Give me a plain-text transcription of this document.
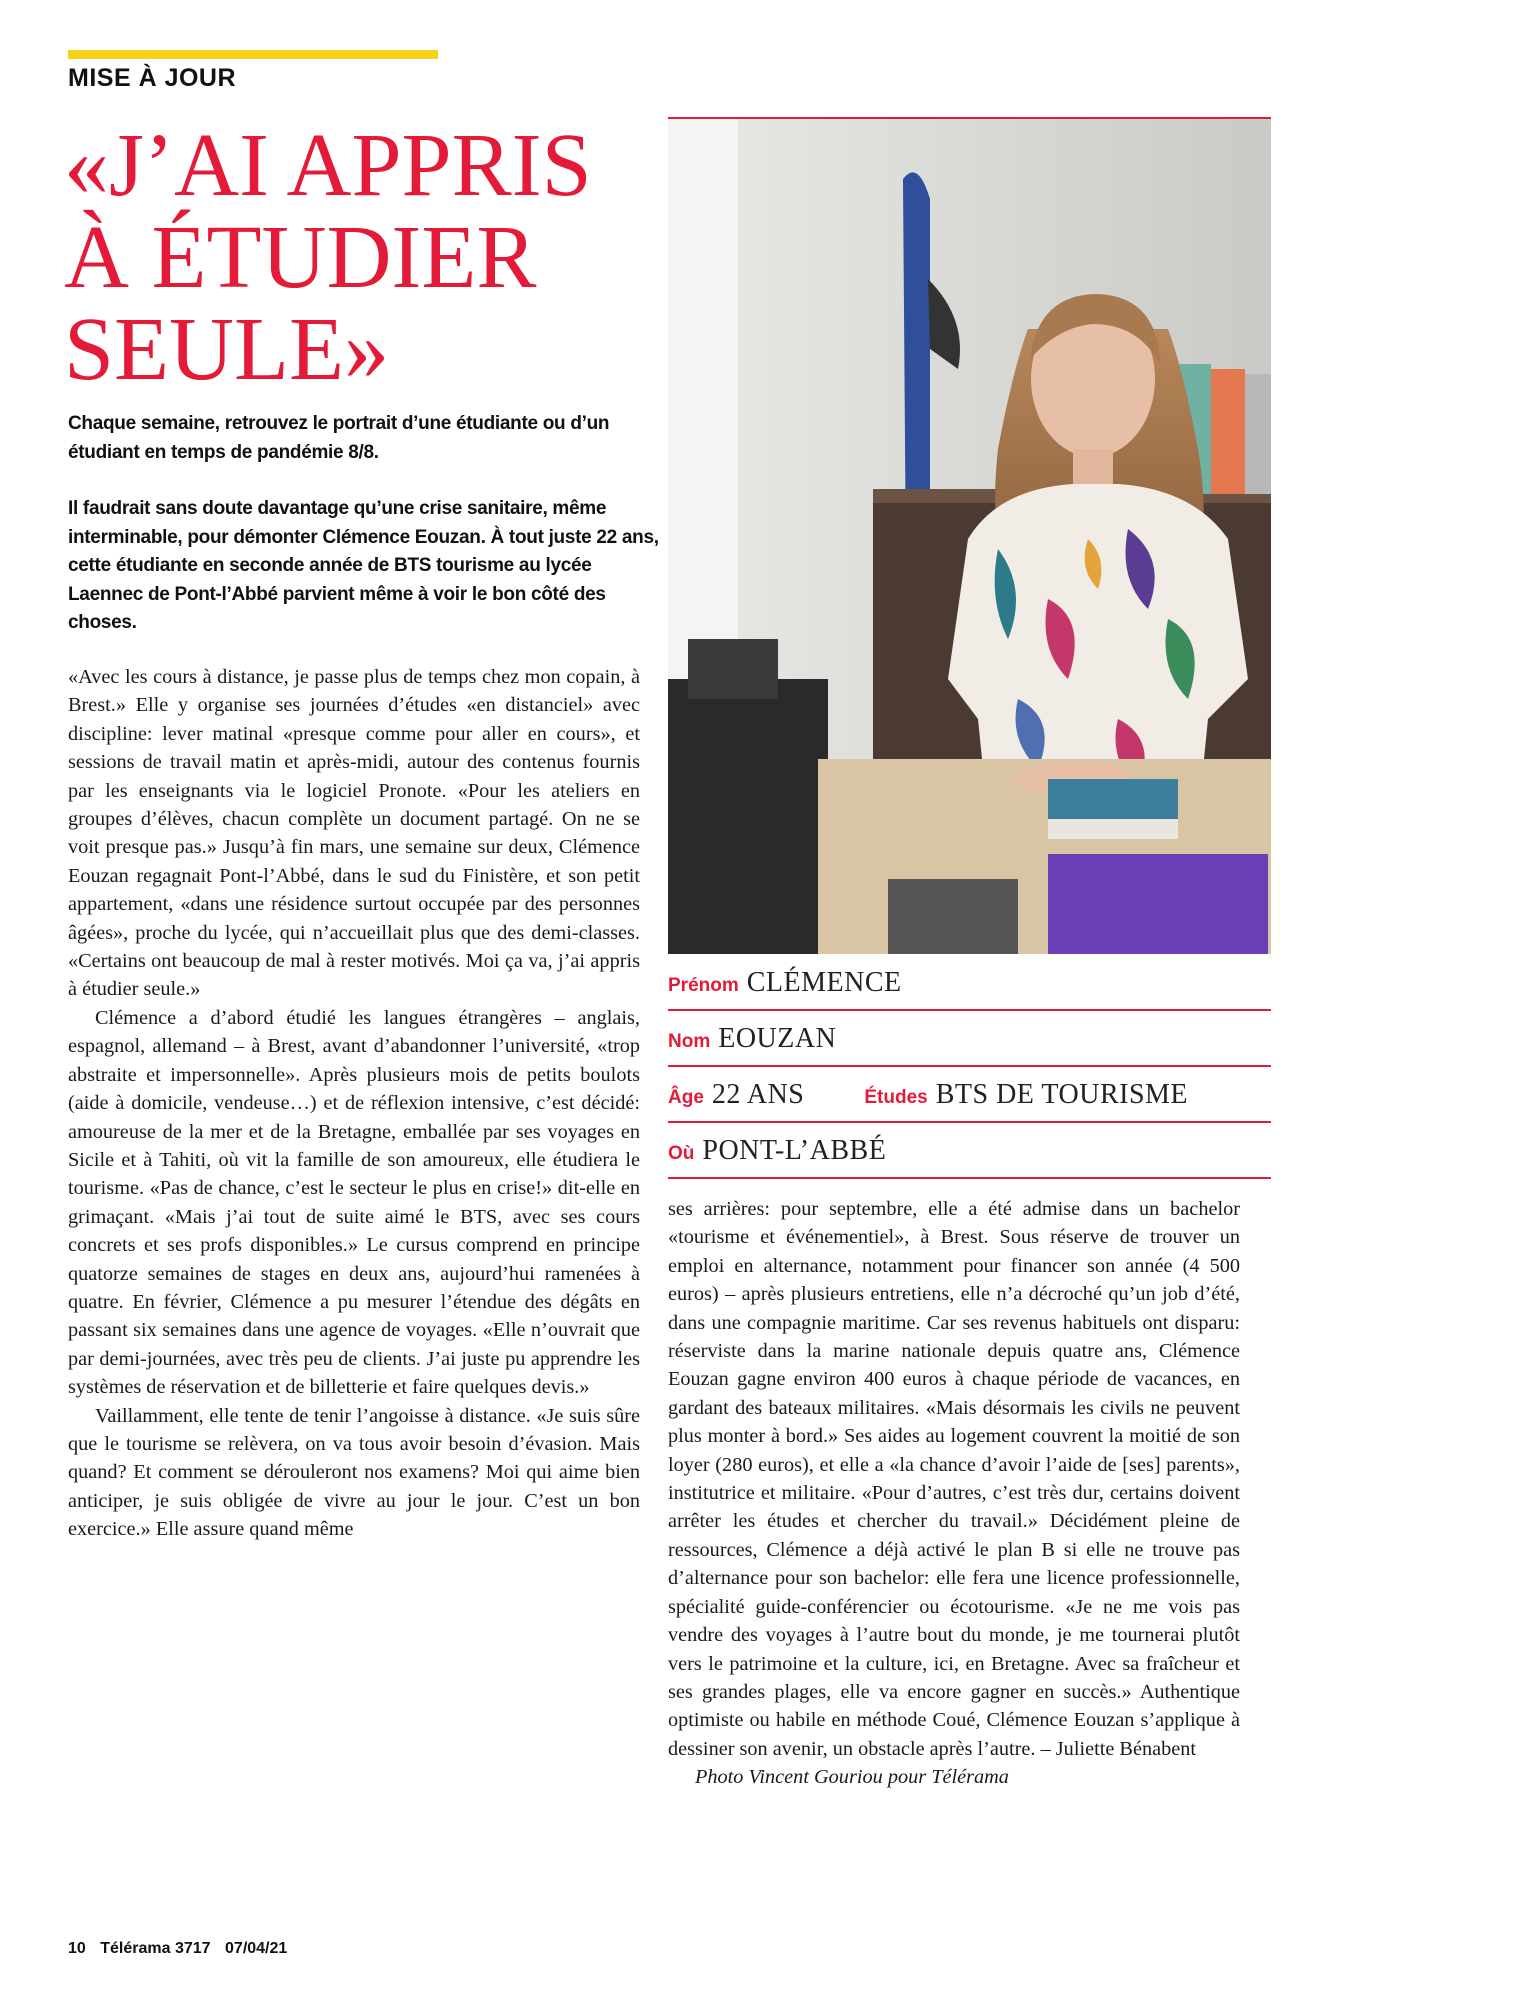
MISE À JOUR
«J’AI APPRIS
À ÉTUDIER
SEULE»

Chaque semaine, retrouvez le portrait d’une étudiante ou d’un étudiant en temps de pandémie 8/8.

Il faudrait sans doute davantage qu’une crise sanitaire, même interminable, pour démonter Clémence Eouzan. À tout juste 22 ans, cette étudiante en seconde année de BTS tourisme au lycée Laennec de Pont-l’Abbé parvient même à voir le bon côté des choses.

«Avec les cours à distance, je passe plus de temps chez mon copain, à Brest.» Elle y organise ses journées d’études «en distanciel» avec discipline: lever matinal «presque comme pour aller en cours», et sessions de travail matin et après-midi, autour des contenus fournis par les enseignants via le logiciel Pronote. «Pour les ateliers en groupes d’élèves, chacun complète un document partagé. On ne se voit presque pas.» Jusqu’à fin mars, une semaine sur deux, Clémence Eouzan regagnait Pont-l’Abbé, dans le sud du Finistère, et son petit appartement, «dans une résidence surtout occupée par des personnes âgées», proche du lycée, qui n’accueillait plus que des demi-classes. «Certains ont beaucoup de mal à rester motivés. Moi ça va, j’ai appris à étudier seule.»

Clémence a d’abord étudié les langues étrangères – anglais, espagnol, allemand – à Brest, avant d’abandonner l’université, «trop abstraite et impersonnelle». Après plusieurs mois de petits boulots (aide à domicile, vendeuse…) et de réflexion intensive, c’est décidé: amoureuse de la mer et de la Bretagne, emballée par ses voyages en Sicile et à Tahiti, où vit la famille de son amoureux, elle étudiera le tourisme. «Pas de chance, c’est le secteur le plus en crise!» dit-elle en grimaçant. «Mais j’ai tout de suite aimé le BTS, avec ses cours concrets et ses profs disponibles.» Le cursus comprend en principe quatorze semaines de stages en deux ans, aujourd’hui ramenées à quatre. En février, Clémence a pu mesurer l’étendue des dégâts en passant six semaines dans une agence de voyages. «Elle n’ouvrait que par demi-journées, avec très peu de clients. J’ai juste pu apprendre les systèmes de réservation et de billetterie et faire quelques devis.»

Vaillamment, elle tente de tenir l’angoisse à distance. «Je suis sûre que le tourisme se relèvera, on va tous avoir besoin d’évasion. Mais quand? Et comment se dérouleront nos examens? Moi qui aime bien anticiper, je suis obligée de vivre au jour le jour. C’est un bon exercice.» Elle assure quand même

Prénom CLÉMENCE
Nom EOUZAN
Âge 22 ANS	Études BTS DE TOURISME
Où PONT-L’ABBÉ

ses arrières: pour septembre, elle a été admise dans un bachelor «tourisme et événementiel», à Brest. Sous réserve de trouver un emploi en alternance, notamment pour financer son année (4 500 euros) – après plusieurs entretiens, elle n’a décroché qu’un job d’été, dans une compagnie maritime. Car ses revenus habituels ont disparu: réserviste dans la marine nationale depuis quatre ans, Clémence Eouzan gagne environ 400 euros à chaque période de vacances, en gardant des bateaux militaires. «Mais désormais les civils ne peuvent plus monter à bord.» Ses aides au logement couvrent la moitié de son loyer (280 euros), et elle a «la chance d’avoir l’aide de [ses] parents», institutrice et militaire. «Pour d’autres, c’est très dur, certains doivent arrêter les études et chercher du travail.» Décidément pleine de ressources, Clémence a déjà activé le plan B si elle ne trouve pas d’alternance pour son bachelor: elle fera une licence professionnelle, spécialité guide-conférencier ou écotourisme. «Je ne me vois pas vendre des voyages à l’autre bout du monde, je me tournerai plutôt vers le patrimoine et la culture, ici, en Bretagne. Avec sa fraîcheur et ses grandes plages, elle va encore gagner en succès.» Authentique optimiste ou habile en méthode Coué, Clémence Eouzan s’applique à dessiner son avenir, un obstacle après l’autre. – Juliette Bénabent

Photo Vincent Gouriou pour Télérama

10 Télérama 3717 07/04/21
